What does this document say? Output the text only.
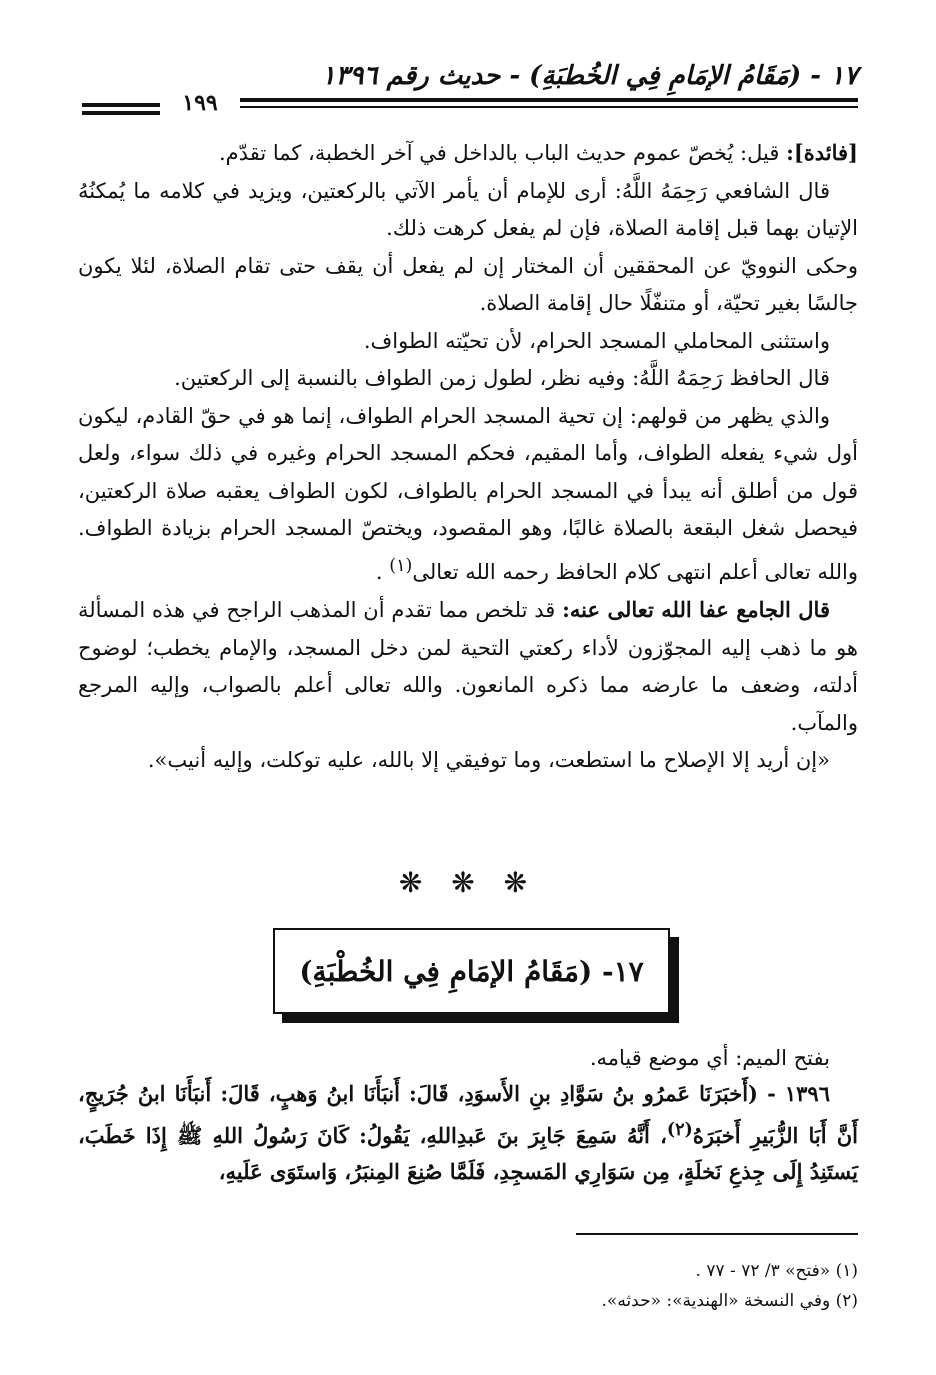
١٧ - (مَقَامُ الإمَامِ فِي الخُطبَةِ) - حديث رقم ١٣٩٦
١٩٩

[فائدة]: قيل: يُخصّ عموم حديث الباب بالداخل في آخر الخطبة، كما تقدّم.

قال الشافعي رَحِمَهُ اللَّهُ: أرى للإمام أن يأمر الآتي بالركعتين، ويزيد في كلامه ما يُمكنُهُ الإتيان بهما قبل إقامة الصلاة، فإن لم يفعل كرهت ذلك.

وحكى النوويّ عن المحققين أن المختار إن لم يفعل أن يقف حتى تقام الصلاة، لئلا يكون جالسًا بغير تحيّة، أو متنفّلًا حال إقامة الصلاة.

واستثنى المحاملي المسجد الحرام، لأن تحيّته الطواف.

قال الحافظ رَحِمَهُ اللَّهُ: وفيه نظر، لطول زمن الطواف بالنسبة إلى الركعتين.

والذي يظهر من قولهم: إن تحية المسجد الحرام الطواف، إنما هو في حقّ القادم، ليكون أول شيء يفعله الطواف، وأما المقيم، فحكم المسجد الحرام وغيره في ذلك سواء، ولعل قول من أطلق أنه يبدأ في المسجد الحرام بالطواف، لكون الطواف يعقبه صلاة الركعتين، فيحصل شغل البقعة بالصلاة غالبًا، وهو المقصود، ويختصّ المسجد الحرام بزيادة الطواف. والله تعالى أعلم انتهى كلام الحافظ رحمه الله تعالى$^{(١)}$ .

قال الجامع عفا الله تعالى عنه: قد تلخص مما تقدم أن المذهب الراجح في هذه المسألة هو ما ذهب إليه المجوّزون لأداء ركعتي التحية لمن دخل المسجد، والإمام يخطب؛ لوضوح أدلته، وضعف ما عارضه مما ذكره المانعون. والله تعالى أعلم بالصواب، وإليه المرجع والمآب.

«إن أريد إلا الإصلاح ما استطعت، وما توفيقي إلا بالله، عليه توكلت، وإليه أنيب».

❋ ❋ ❋
١٧- (مَقَامُ الإمَامِ فِي الخُطْبَةِ)

بفتح الميم: أي موضع قيامه.

١٣٩٦ - (أَخبَرَنَا عَمرُو بنُ سَوَّادِ بنِ الأَسوَدِ، قَالَ: أَنبَأَنَا ابنُ وَهبٍ، قَالَ: أَنبَأَنَا ابنُ جُرَيجٍ، أَنَّ أَبَا الزُّبَيرِ أَخبَرَهُ$^{(٢)}$، أَنَّهُ سَمِعَ جَابِرَ بنَ عَبدِاللهِ، يَقُولُ: كَانَ رَسُولُ اللهِ ﷺ إِذَا خَطَبَ، يَستَنِدُ إِلَى جِذعِ نَخلَةٍ، مِن سَوَارِي المَسجِدِ، فَلَمَّا صُنِعَ المِنبَرُ، وَاستَوَى عَلَيهِ،

(١) «فتح» ٣/ ٧٢ - ٧٧ .

(٢) وفي النسخة «الهندية»: «حدثه».
